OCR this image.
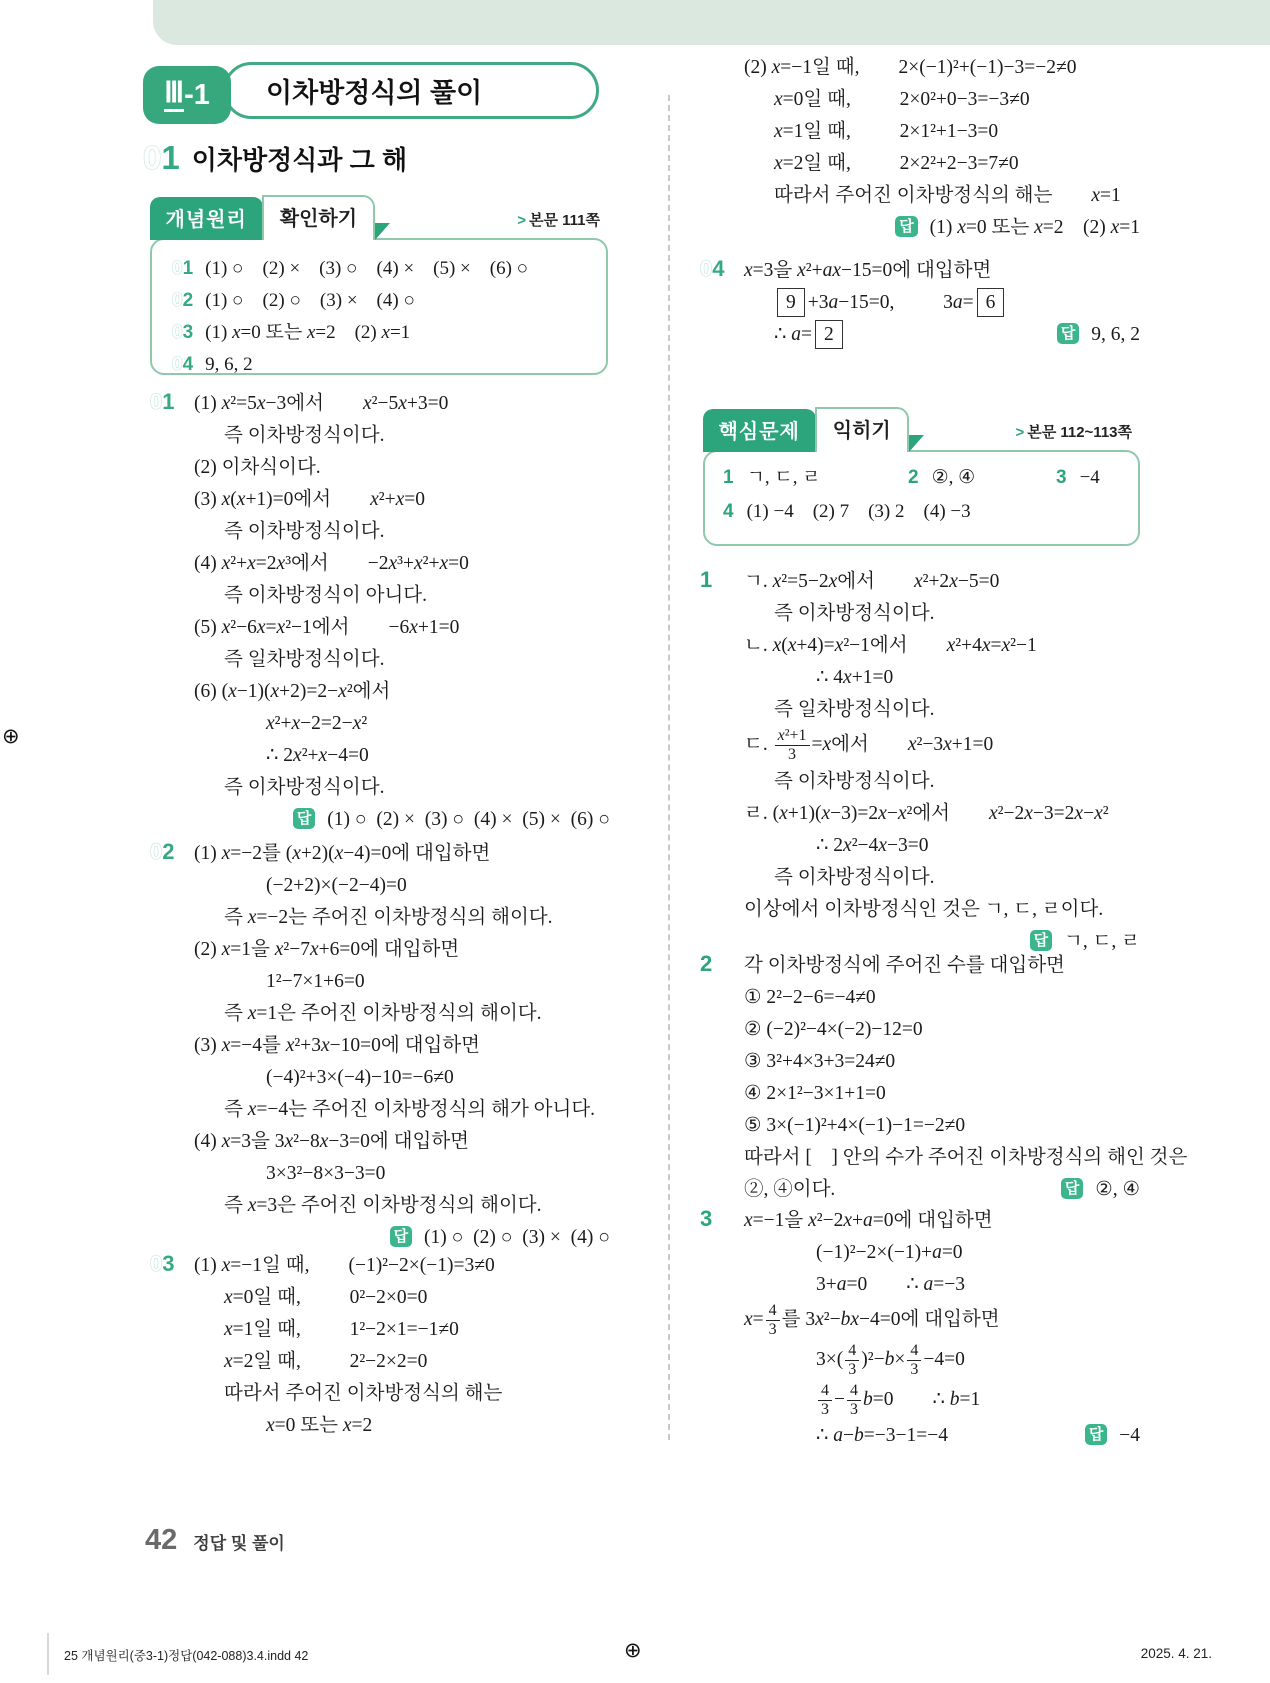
이차방정식의 풀이
Ⅲ -1
01 이차방정식과 그 해
개념원리	확인하기	> 본문 111쪽
01 (1) ○ (2) × (3) ○ (4) × (5) × (6) ○
02 (1) ○ (2) ○ (3) × (4) ○
03 (1) x=0 또는 x=2 (2) x=1
04 9, 6, 2
01	(1) x²=5x−3에서  x²−5x+3=0
즉 이차방정식이다.
(2) 이차식이다.
(3) x(x+1)=0에서  x²+x=0
즉 이차방정식이다.
(4) x²+x=2x³에서  −2x³+x²+x=0
즉 이차방정식이 아니다.
(5) x²−6x=x²−1에서  −6x+1=0
즉 일차방정식이다.
(6) (x−1)(x+2)=2−x²에서
x²+x−2=2−x²
∴ 2x²+x−4=0
즉 이차방정식이다.
답 (1) ○ (2) × (3) ○ (4) × (5) × (6) ○
02	(1) x=−2를 (x+2)(x−4)=0에 대입하면
(−2+2)×(−2−4)=0
즉 x=−2는 주어진 이차방정식의 해이다.
(2) x=1을 x²−7x+6=0에 대입하면
1²−7×1+6=0
즉 x=1은 주어진 이차방정식의 해이다.
(3) x=−4를 x²+3x−10=0에 대입하면
(−4)²+3×(−4)−10=−6≠0
즉 x=−4는 주어진 이차방정식의 해가 아니다.
(4) x=3을 3x²−8x−3=0에 대입하면
3×3²−8×3−3=0
즉 x=3은 주어진 이차방정식의 해이다.
답 (1) ○ (2) ○ (3) × (4) ○
03	(1) x=−1일 때,  (−1)²−2×(−1)=3≠0
x=0일 때,   0²−2×0=0
x=1일 때,   1²−2×1=−1≠0
x=2일 때,   2²−2×2=0
따라서 주어진 이차방정식의 해는
x=0 또는 x=2
(2) x=−1일 때,  2×(−1)²+(−1)−3=−2≠0
x=0일 때,   2×0²+0−3=−3≠0
x=1일 때,   2×1²+1−3=0
x=2일 때,   2×2²+2−3=7≠0
따라서 주어진 이차방정식의 해는  x=1
답 (1) x=0 또는 x=2  (2) x=1
04	x=3을 x²+ax−15=0에 대입하면
9 +3a−15=0,   3a= 6
∴ a= 2	답 9, 6, 2
핵심문제	익히기	> 본문 112~113쪽
1 ㄱ, ㄷ, ㄹ	2 ②, ④	3 −4
4 (1) −4 (2) 7 (3) 2 (4) −3
1	ㄱ. x²=5−2x에서  x²+2x−5=0
즉 이차방정식이다.
ㄴ. x(x+4)=x²−1에서  x²+4x=x²−1
∴ 4x+1=0
즉 일차방정식이다.
ㄷ. $\frac{\text{x²+1}}{3} =x$에서  x²−3x+1=0
즉 이차방정식이다.
ㄹ. (x+1)(x−3)=2x−x²에서  x²−2x−3=2x−x²
∴ 2x²−4x−3=0
즉 이차방정식이다.
이상에서 이차방정식인 것은 ㄱ, ㄷ, ㄹ이다.
답 ㄱ, ㄷ, ㄹ
2	각 이차방정식에 주어진 수를 대입하면
① 2²−2−6=−4≠0
② (−2)²−4×(−2)−12=0
③ 3²+4×3+3=24≠0
④ 2×1²−3×1+1=0
⑤ 3×(−1)²+4×(−1)−1=−2≠0
따라서 [ ] 안의 수가 주어진 이차방정식의 해인 것은
②, ④이다.	답 ②, ④
3	x=−1을 x²−2x+a=0에 대입하면
(−1)²−2×(−1)+a=0
3+a=0  ∴ a=−3
$x= \frac{4}{3}$ 를 3x²−bx−4=0에 대입하면
$3\times( \frac{4}{3} )^2-b\times \frac{4}{3} -4=0$
$\frac{4}{3} - \frac{4}{3} b=0$  ∴ b=1
∴ a−b=−3−1=−4	답 −4
⊕
⊕
42 정답 및 풀이
25 개념원리(중3-1)정답(042-088)3.4.indd 42	2025. 4. 21.
